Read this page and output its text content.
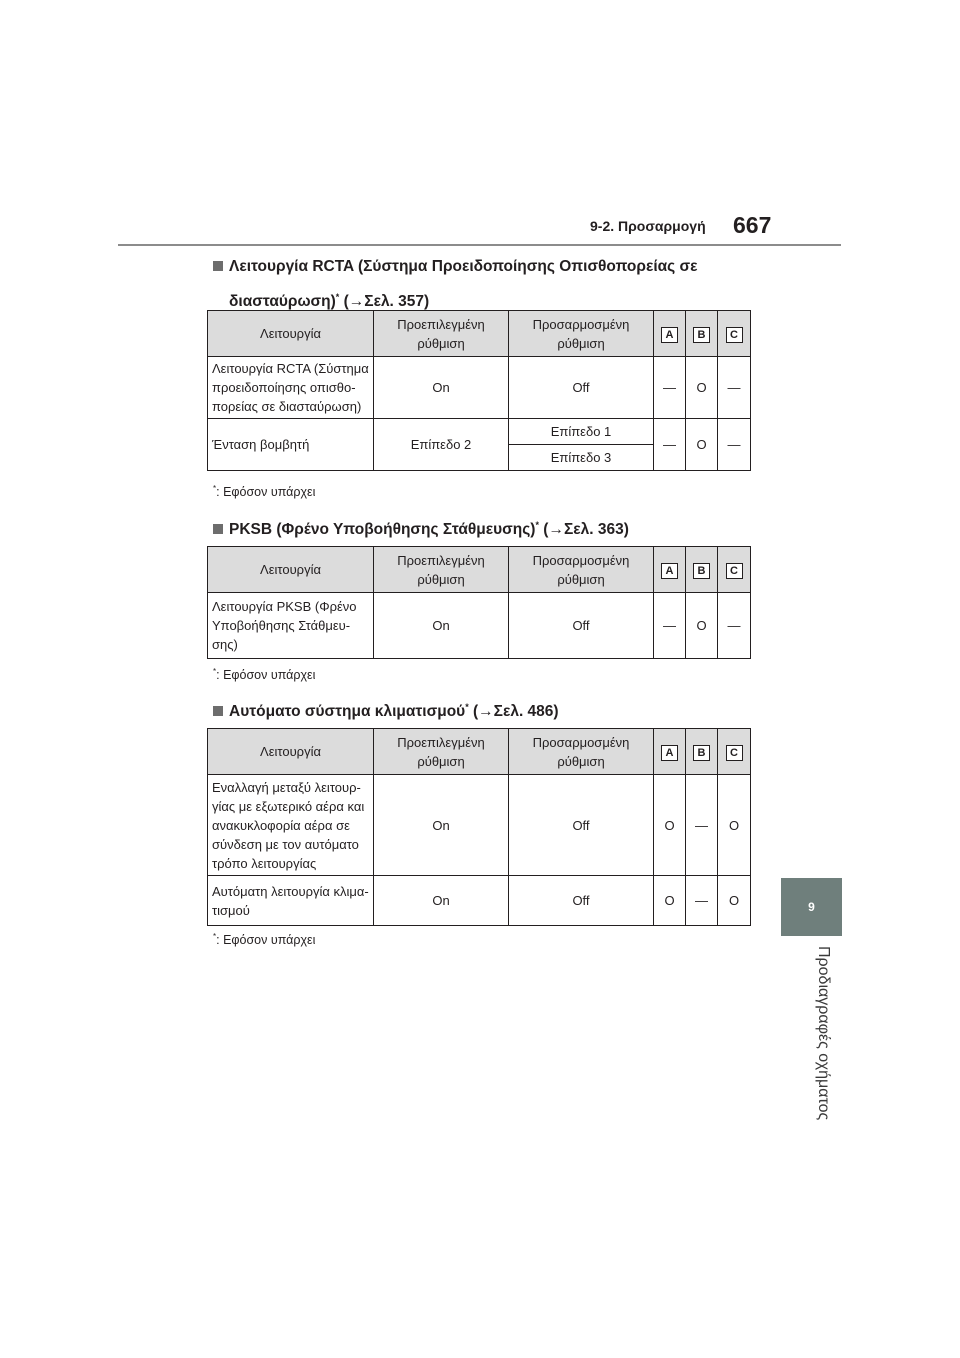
9-2. Προσαρμογή 667
9
Προδιαγραφές οχήματος
Λειτουργία RCTA (Σύστημα Προειδοποίησης Οπισθοπορείας σε
διασταύρωση)* (→Σελ. 357)
Λειτουργία	Προεπιλεγμένη ρύθμιση	Προσαρμοσμένη ρύθμιση	A	B	C
Λειτουργία RCTA (Σύστημα προειδοποίησης οπισθο-πορείας σε διασταύρωση)	On	Off	—	O	—
Ένταση βομβητή	Επίπεδο 2	Επίπεδο 1	—	O	—
		Επίπεδο 3			
*: Εφόσον υπάρχει
PKSB (Φρένο Υποβοήθησης Στάθμευσης)* (→Σελ. 363)
Λειτουργία	Προεπιλεγμένη ρύθμιση	Προσαρμοσμένη ρύθμιση	A	B	C
Λειτουργία PKSB (Φρένο Υποβοήθησης Στάθμευ-σης)	On	Off	—	O	—
*: Εφόσον υπάρχει
Αυτόματο σύστημα κλιματισμού* (→Σελ. 486)
Λειτουργία	Προεπιλεγμένη ρύθμιση	Προσαρμοσμένη ρύθμιση	A	B	C
Εναλλαγή μεταξύ λειτουρ-γίας με εξωτερικό αέρα και ανακυκλοφορία αέρα σε σύνδεση με τον αυτόματο τρόπο λειτουργίας	On	Off	O	—	O
Αυτόματη λειτουργία κλιμα-τισμού	On	Off	O	—	O
*: Εφόσον υπάρχει
